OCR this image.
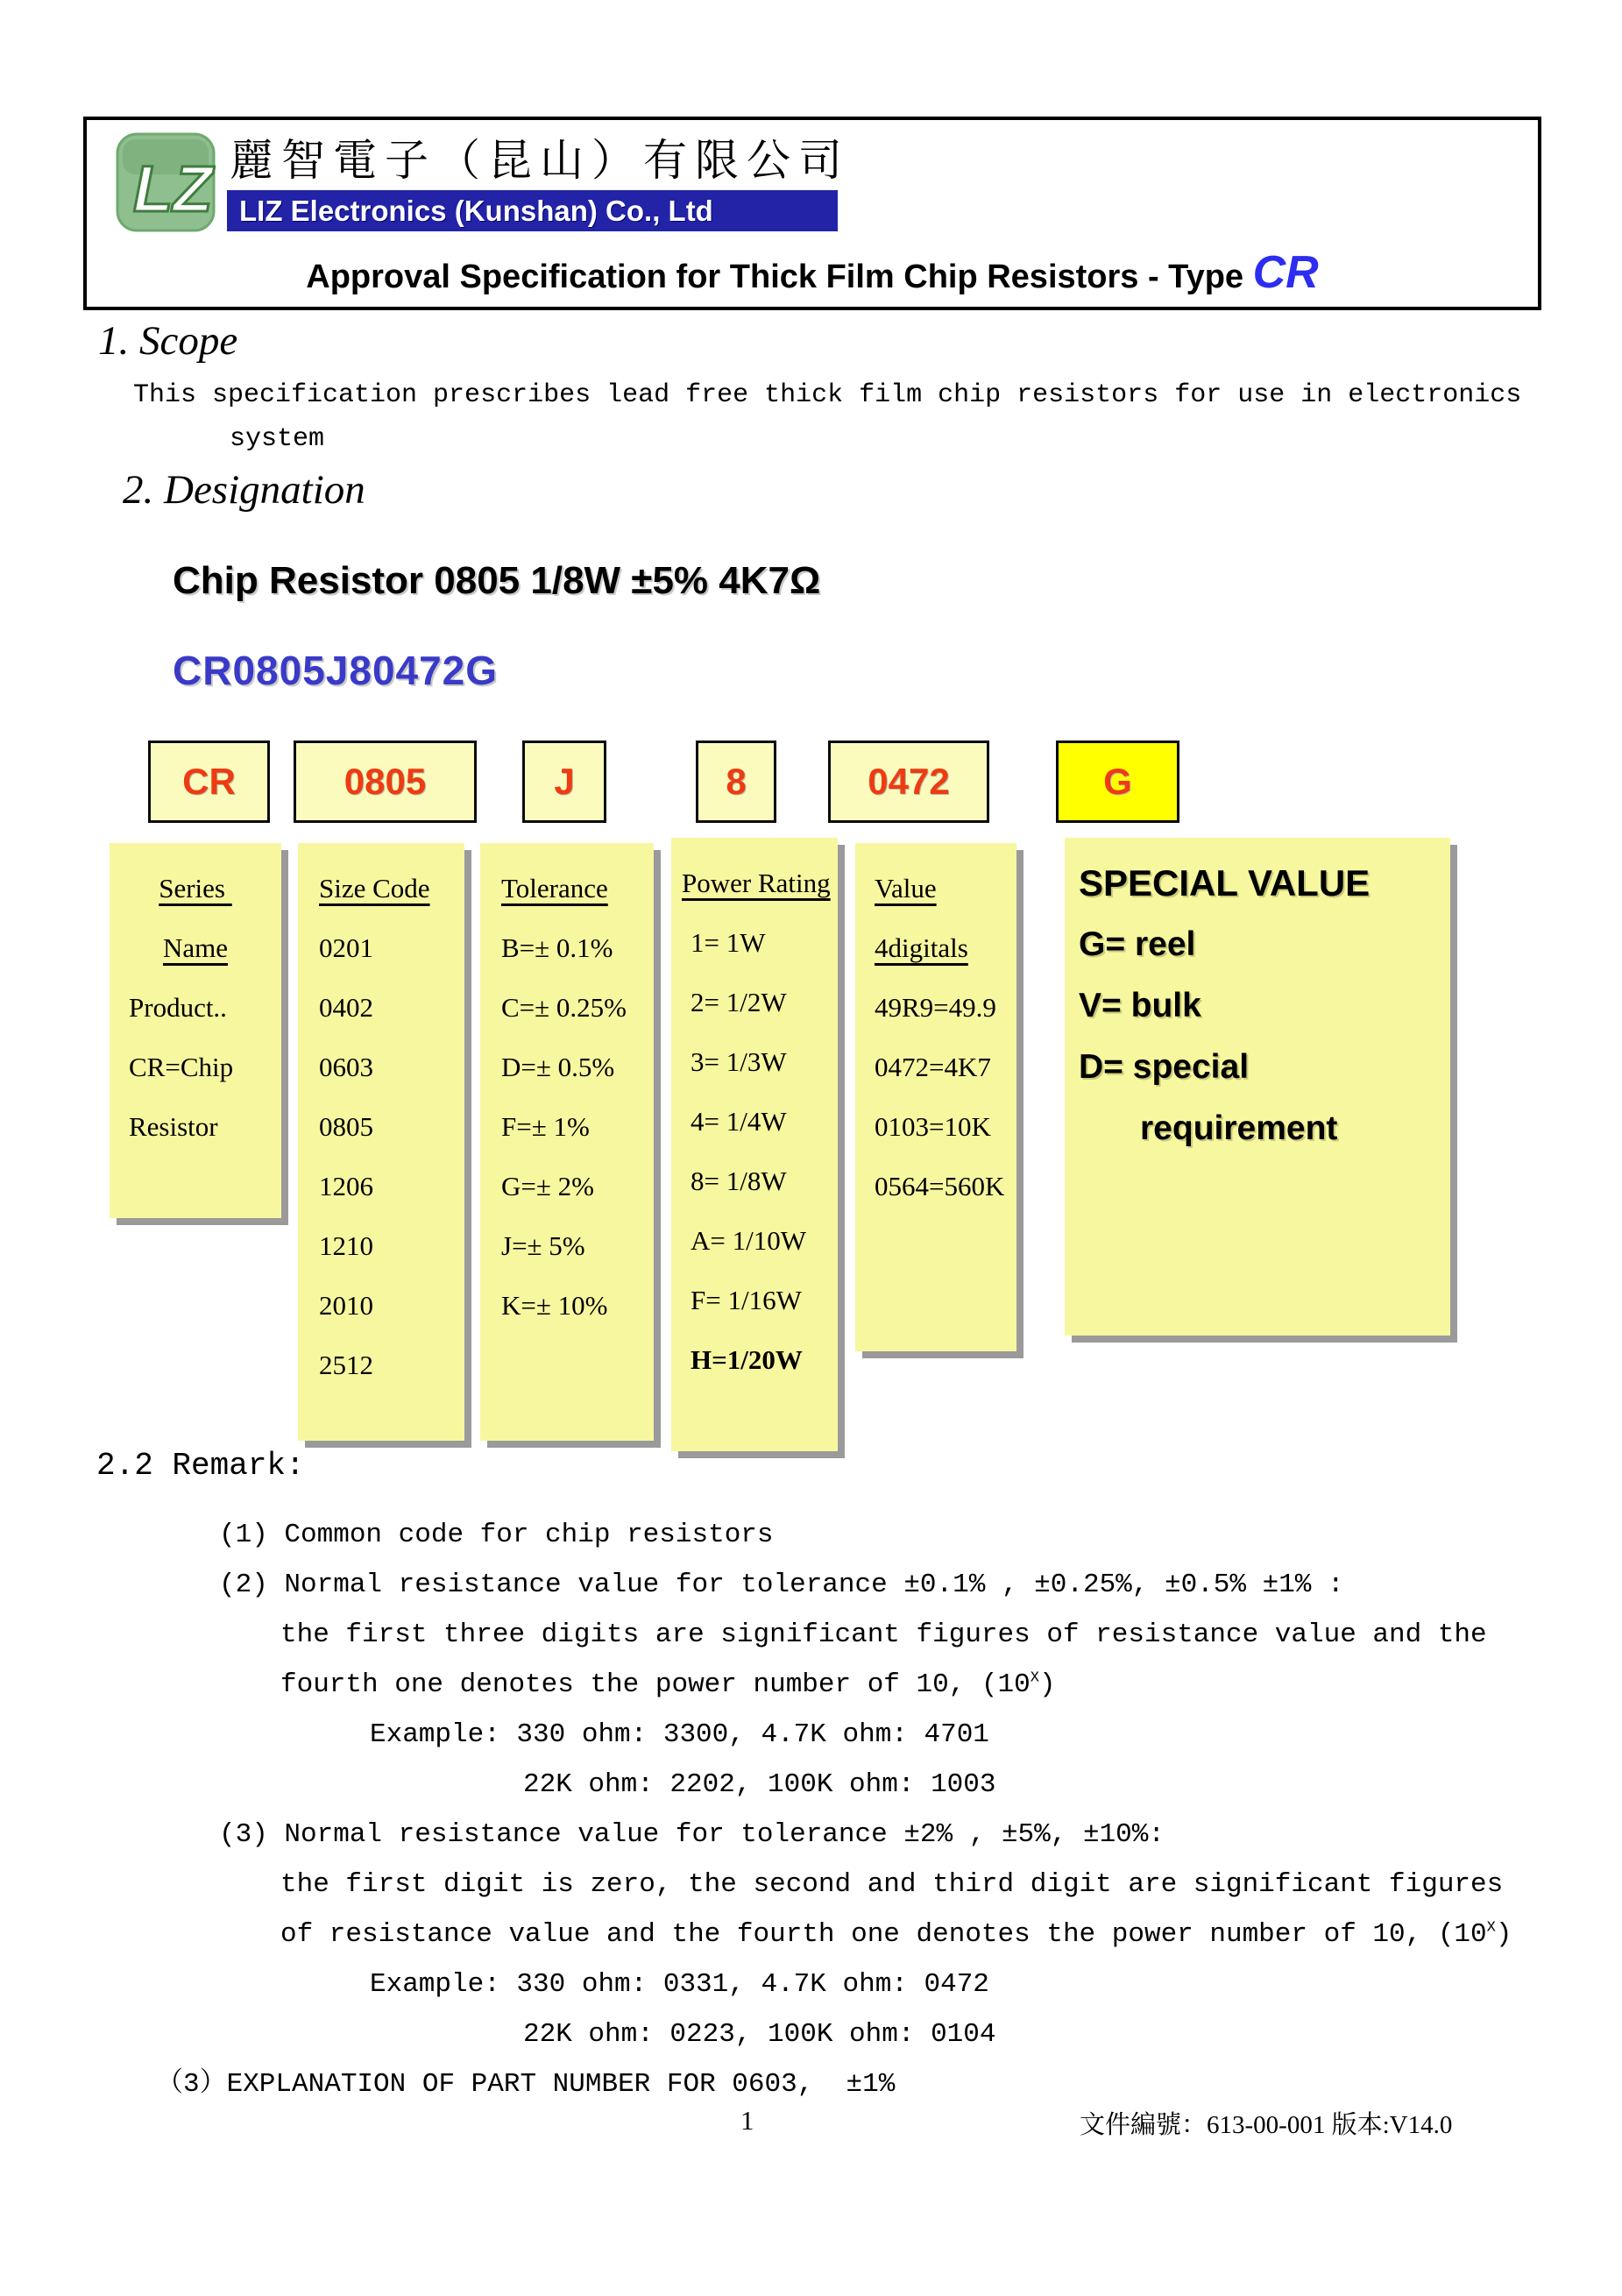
LZ 麗智電子（昆山）有限公司
LIZ Electronics (Kunshan) Co., Ltd
Approval Specification for Thick Film Chip Resistors - Type CR
1. Scope
This specification prescribes lead free thick film chip resistors for use in electronics
system
2. Designation
Chip Resistor 0805 1/8W ±5% 4K7Ω
CR0805J80472G
CR	0805	J	8	0472	G
Series
Name
Product..
CR=Chip
Resistor
Size Code
0201
0402
0603
0805
1206
1210
2010
2512
Tolerance
B=± 0.1%
C=± 0.25%
D=± 0.5%
F=± 1%
G=± 2%
J=± 5%
K=± 10%
Power Rating
1= 1W
2= 1/2W
3= 1/3W
4= 1/4W
8= 1/8W
A= 1/10W
F= 1/16W
H=1/20W
Value
4digitals
49R9=49.9
0472=4K7
0103=10K
0564=560K
SPECIAL VALUE
G= reel
V= bulk
D= special
requirement
2.2 Remark:
(1) Common code for chip resistors
(2) Normal resistance value for tolerance ±0.1% , ±0.25%, ±0.5% ±1% :
the first three digits are significant figures of resistance value and the
fourth one denotes the power number of 10, $(10^X)$
Example: 330 ohm: 3300, 4.7K ohm: 4701
22K ohm: 2202, 100K ohm: 1003
(3) Normal resistance value for tolerance ±2% , ±5%, ±10%:
the first digit is zero, the second and third digit are significant figures
of resistance value and the fourth one denotes the power number of 10, $(10^X)$
Example: 330 ohm: 0331, 4.7K ohm: 0472
22K ohm: 0223, 100K ohm: 0104
（3）EXPLANATION OF PART NUMBER FOR 0603,  ±1%
1	文件編號：613-00-001 版本:V14.0
